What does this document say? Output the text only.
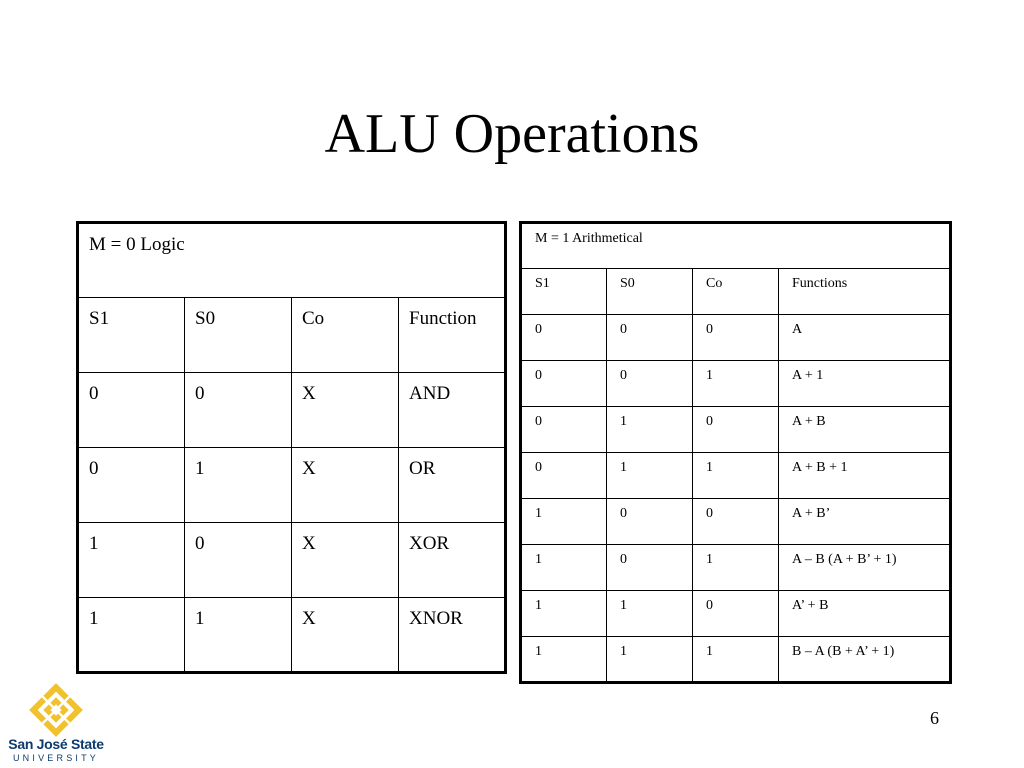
ALU Operations
M = 0 Logic			
S1	S0	Co	Function
0	0	X	AND
0	1	X	OR
1	0	X	XOR
1	1	X	XNOR
M = 1 Arithmetical			
S1	S0	Co	Functions
0	0	0	A
0	0	1	A + 1
0	1	0	A + B
0	1	1	A + B + 1
1	0	0	A + B’
1	0	1	A – B (A + B’ + 1)
1	1	0	A’ + B
1	1	1	B – A (B + A’ + 1)
San José State
UNIVERSITY
6
